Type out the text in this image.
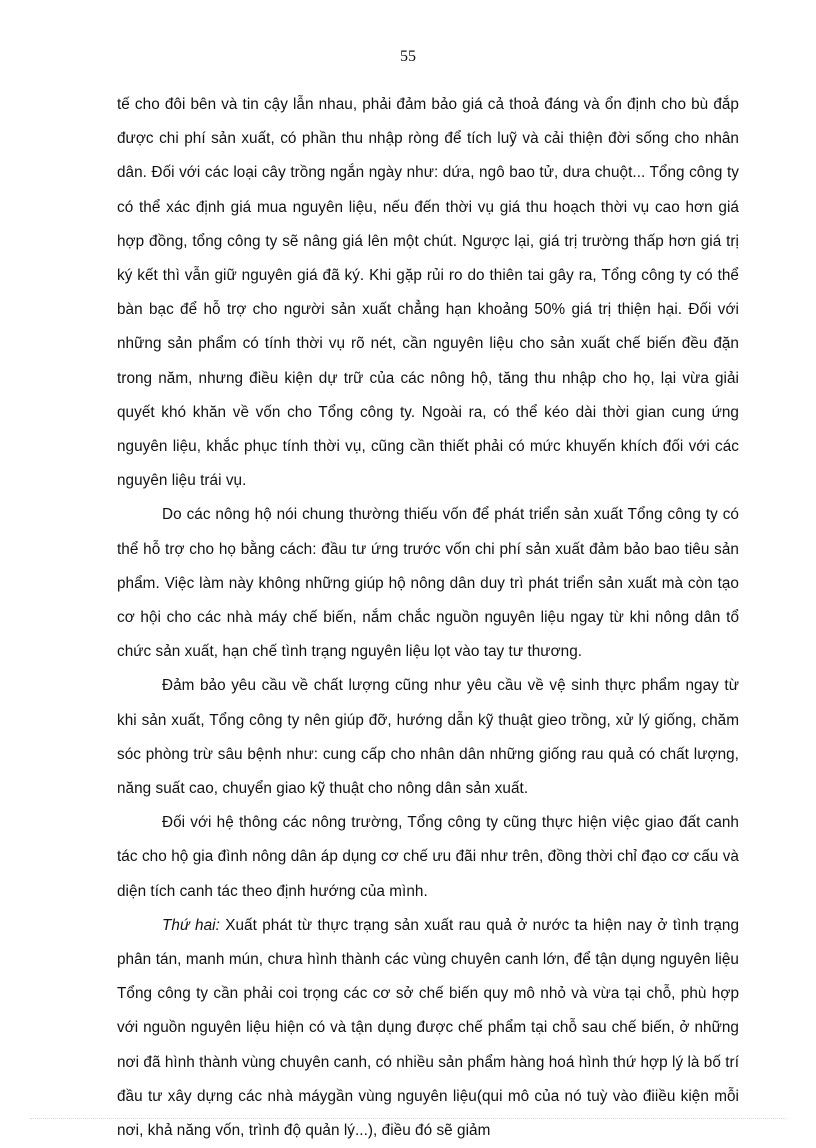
55

tế cho đôi bên và tin cậy lẫn nhau, phải đảm bảo giá cả thoả đáng và ổn định cho bù đắp được chi phí sản xuất, có phần thu nhập ròng để tích luỹ và cải thiện đời sống cho nhân dân. Đối với các loại cây trồng ngắn ngày như: dứa, ngô bao tử, dưa chuột... Tổng công ty có thể xác định giá mua nguyên liệu, nếu đến thời vụ giá thu hoạch thời vụ cao hơn giá hợp đồng, tổng công ty sẽ nâng giá lên một chút. Ngược lại, giá trị trường thấp hơn giá trị ký kết thì vẫn giữ nguyên giá đã ký. Khi gặp rủi ro do thiên tai gây ra, Tổng công ty có thể bàn bạc để hỗ trợ cho người sản xuất chẳng hạn khoảng 50% giá trị thiện hại. Đối với những sản phẩm có tính thời vụ rõ nét, cần nguyên liệu cho sản xuất chế biến đều đặn trong năm, nhưng điều kiện dự trữ của các nông hộ, tăng thu nhập cho họ, lại vừa giải quyết khó khăn về vốn cho Tổng công ty. Ngoài ra, có thể kéo dài thời gian cung ứng nguyên liệu, khắc phục tính thời vụ, cũng cần thiết phải có mức khuyến khích đối với các nguyên liệu trái vụ.

Do các nông hộ nói chung thường thiếu vốn để phát triển sản xuất Tổng công ty có thể hỗ trợ cho họ bằng cách: đầu tư ứng trước vốn chi phí sản xuất đảm bảo bao tiêu sản phẩm. Việc làm này không những giúp hộ nông dân duy trì phát triển sản xuất mà còn tạo cơ hội cho các nhà máy chế biến, nắm chắc nguồn nguyên liệu ngay từ khi nông dân tổ chức sản xuất, hạn chế tình trạng nguyên liệu lọt vào tay tư thương.

Đảm bảo yêu cầu về chất lượng cũng như yêu cầu về vệ sinh thực phẩm ngay từ khi sản xuất, Tổng công ty nên giúp đỡ, hướng dẫn kỹ thuật gieo trồng, xử lý giống, chăm sóc phòng trừ sâu bệnh như: cung cấp cho nhân dân những giống rau quả có chất lượng, năng suất cao, chuyển giao kỹ thuật cho nông dân sản xuất.

Đối với hệ thông các nông trường, Tổng công ty cũng thực hiện việc giao đất canh tác cho hộ gia đình nông dân áp dụng cơ chế ưu đãi như trên, đồng thời chỉ đạo cơ cấu và diện tích canh tác theo định hướng của mình.

Thứ hai: Xuất phát từ thực trạng sản xuất rau quả ở nước ta hiện nay ở tình trạng phân tán, manh mún, chưa hình thành các vùng chuyên canh lớn, để tận dụng nguyên liệu Tổng công ty cần phải coi trọng các cơ sở chế biến quy mô nhỏ và vừa tại chỗ, phù hợp với nguồn nguyên liệu hiện có và tận dụng được chế phẩm tại chỗ sau chế biến, ở những nơi đã hình thành vùng chuyên canh, có nhiều sản phẩm hàng hoá hình thứ hợp lý là bố trí đầu tư xây dựng các nhà máygần vùng nguyên liệu(qui mô của nó tuỳ vào điiều kiện mỗi nơi, khả năng vốn, trình độ quản lý...), điều đó sẽ giảm
